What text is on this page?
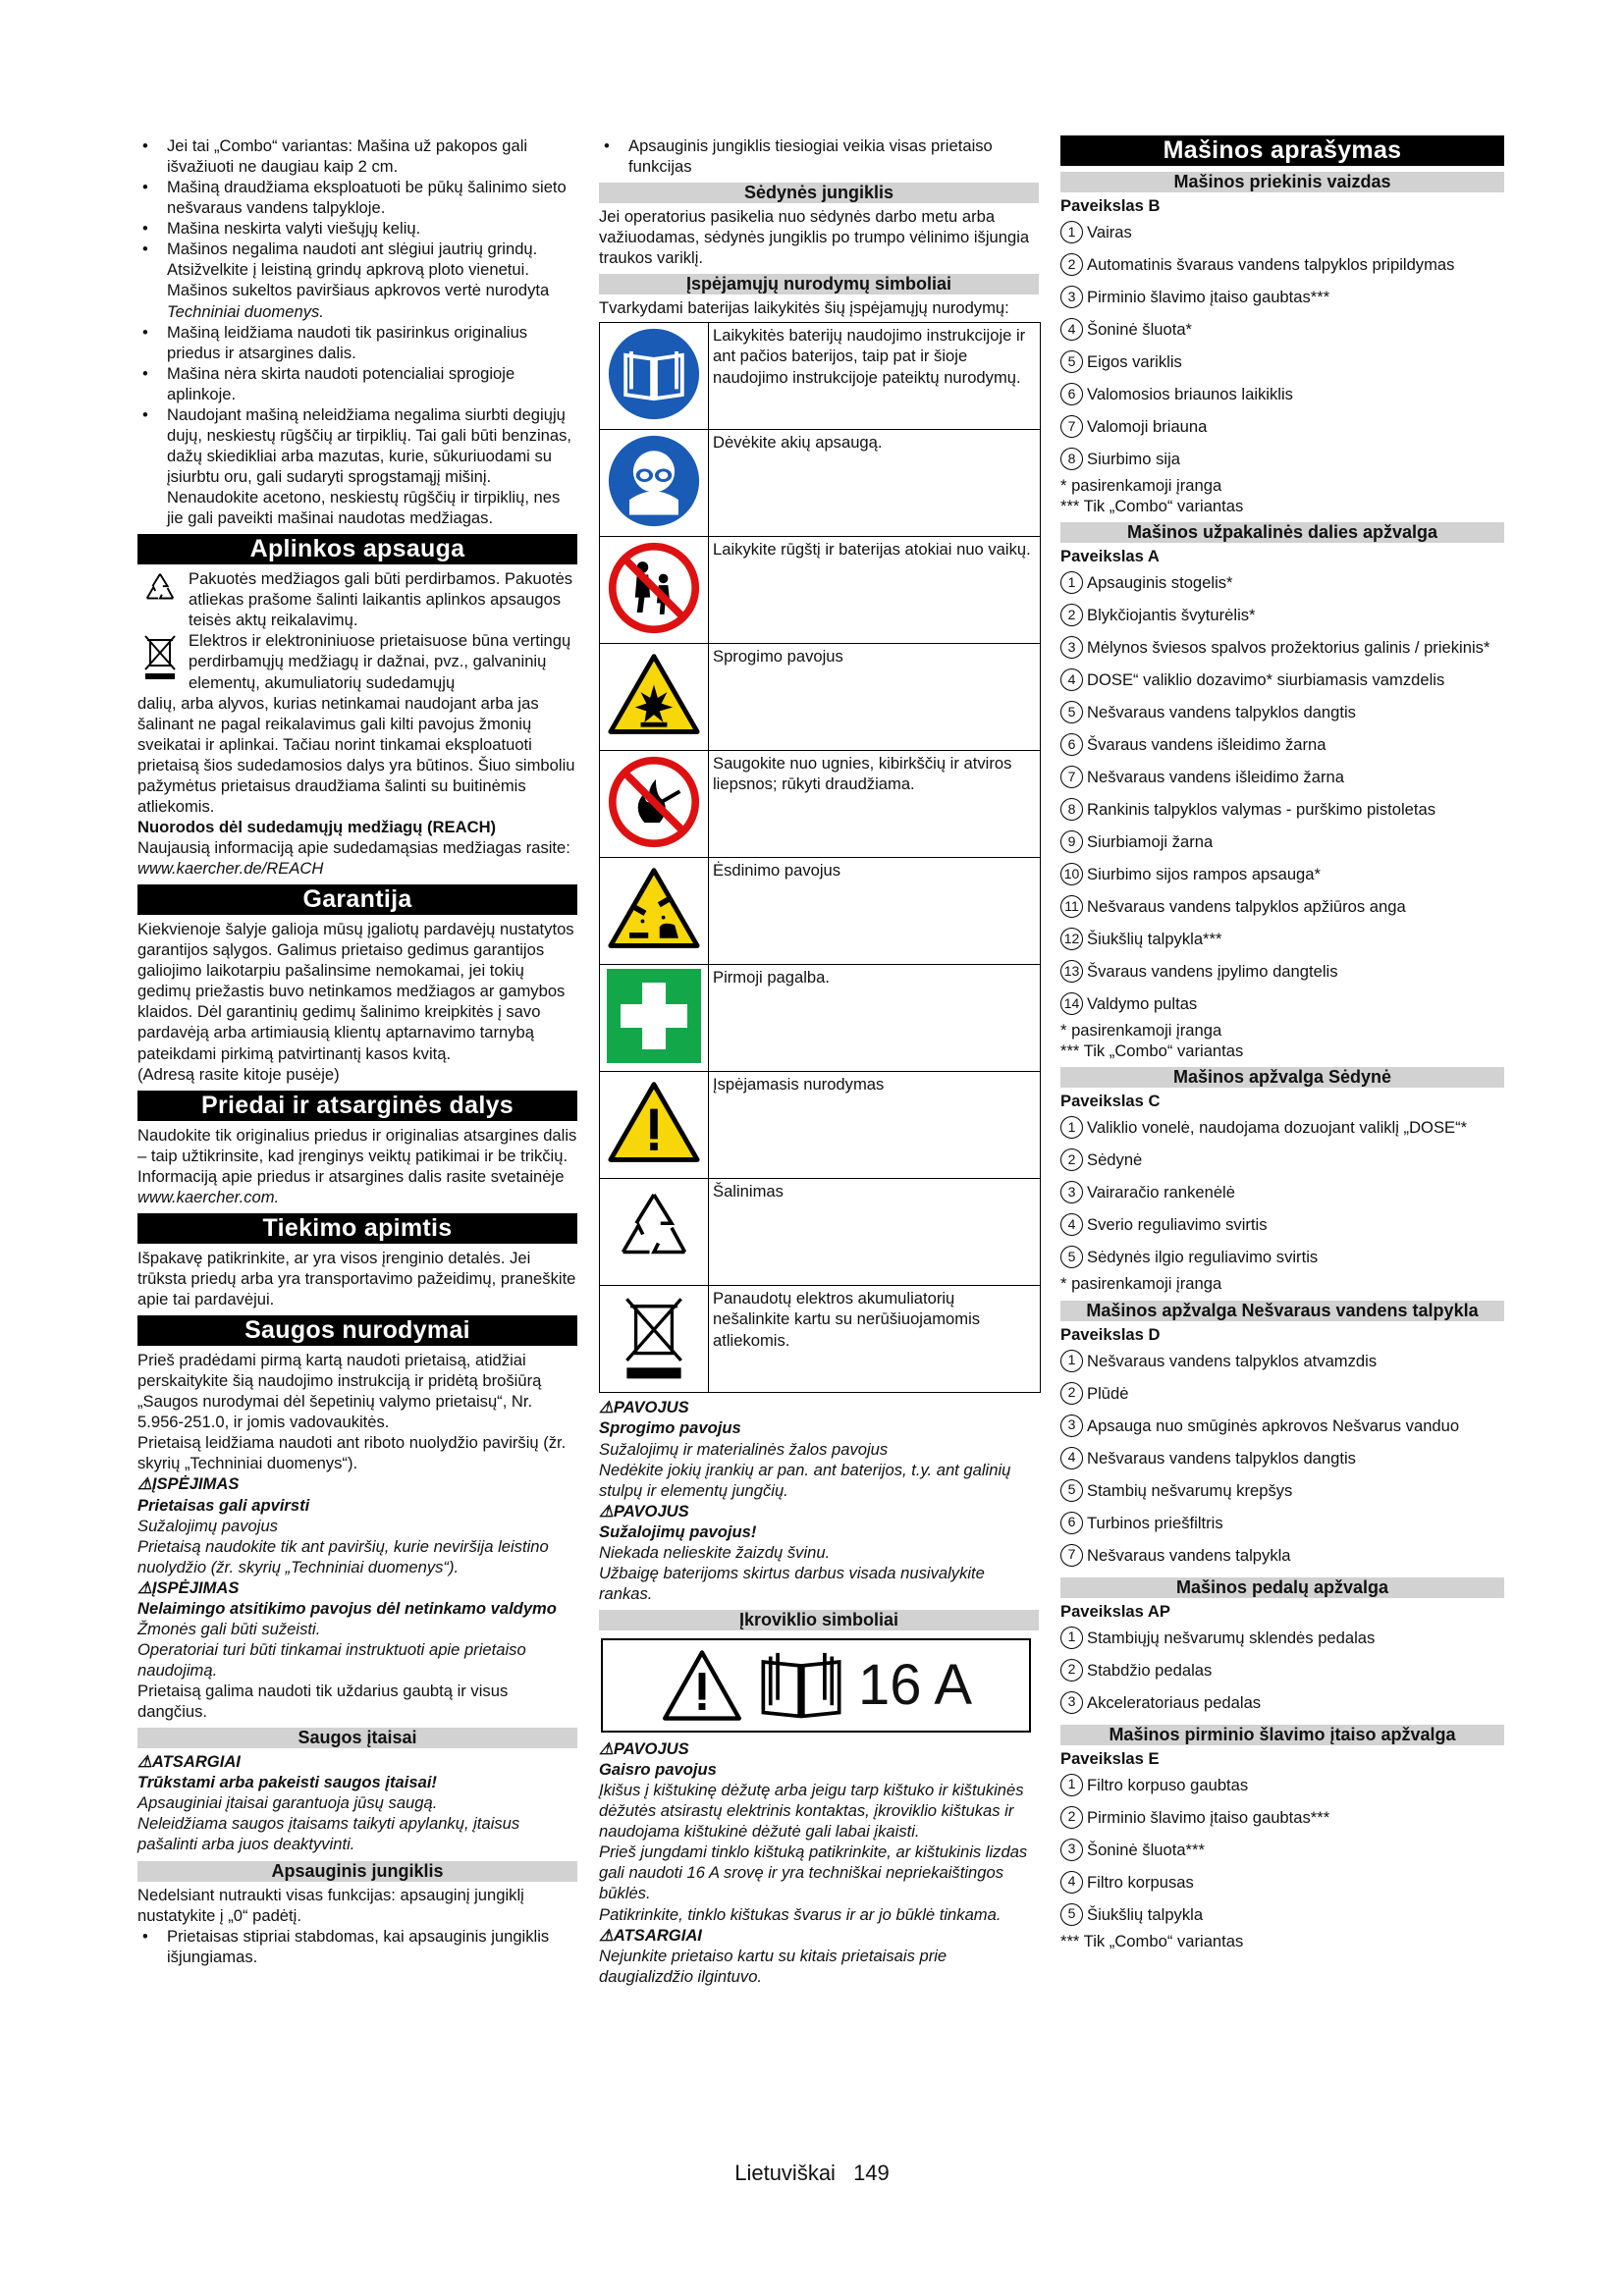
• Jei tai „Combo“ variantas: Mašina už pakopos gali išvažiuoti ne daugiau kaip 2 cm.
• Mašiną draudžiama eksploatuoti be pūkų šalinimo sieto nešvaraus vandens talpykloje.
• Mašina neskirta valyti viešųjų kelių.
• Mašinos negalima naudoti ant slėgiui jautrių grindų. Atsižvelkite į leistiną grindų apkrovą ploto vienetui. Mašinos sukeltos paviršiaus apkrovos vertė nurodyta Techniniai duomenys.
• Mašiną leidžiama naudoti tik pasirinkus originalius priedus ir atsargines dalis.
• Mašina nėra skirta naudoti potencialiai sprogioje aplinkoje.
• Naudojant mašiną neleidžiama negalima siurbti degiųjų dujų, neskiestų rūgščių ar tirpiklių. Tai gali būti benzinas, dažų skiedikliai arba mazutas, kurie, sūkuriuodami su įsiurbtu oru, gali sudaryti sprogstamąjį mišinį. Nenaudokite acetono, neskiestų rūgščių ir tirpiklių, nes jie gali paveikti mašinai naudotas medžiagas.
Aplinkos apsauga

Pakuotės medžiagos gali būti perdirbamos. Pakuotės atliekas prašome šalinti laikantis aplinkos apsaugos teisės aktų reikalavimų.

Elektros ir elektroniniuose prietaisuose būna vertingų perdirbamųjų medžiagų ir dažnai, pvz., galvaninių elementų, akumuliatorių sudedamųjų

dalių, arba alyvos, kurias netinkamai naudojant arba jas šalinant ne pagal reikalavimus gali kilti pavojus žmonių sveikatai ir aplinkai. Tačiau norint tinkamai eksploatuoti prietaisą šios sudedamosios dalys yra būtinos. Šiuo simboliu pažymėtus prietaisus draudžiama šalinti su buitinėmis atliekomis.

Nuorodos dėl sudedamųjų medžiagų (REACH)

Naujausią informaciją apie sudedamąsias medžiagas rasite: www.kaercher.de/REACH

Garantija

Kiekvienoje šalyje galioja mūsų įgaliotų pardavėjų nustatytos garantijos sąlygos. Galimus prietaiso gedimus garantijos galiojimo laikotarpiu pašalinsime nemokamai, jei tokių gedimų priežastis buvo netinkamos medžiagos ar gamybos klaidos. Dėl garantinių gedimų šalinimo kreipkitės į savo pardavėją arba artimiausią klientų aptarnavimo tarnybą pateikdami pirkimą patvirtinantį kasos kvitą.

(Adresą rasite kitoje pusėje)

Priedai ir atsarginės dalys

Naudokite tik originalius priedus ir originalias atsargines dalis – taip užtikrinsite, kad įrenginys veiktų patikimai ir be trikčių.

Informaciją apie priedus ir atsargines dalis rasite svetainėje www.kaercher.com.

Tiekimo apimtis

Išpakavę patikrinkite, ar yra visos įrenginio detalės. Jei trūksta priedų arba yra transportavimo pažeidimų, praneškite apie tai pardavėjui.

Saugos nurodymai

Prieš pradėdami pirmą kartą naudoti prietaisą, atidžiai perskaitykite šią naudojimo instrukciją ir pridėtą brošiūrą „Saugos nurodymai dėl šepetinių valymo prietaisų“, Nr. 5.956-251.0, ir jomis vadovaukitės.

Prietaisą leidžiama naudoti ant riboto nuolydžio paviršių (žr. skyrių „Techniniai duomenys“).

⚠ĮSPĖJIMAS

Prietaisas gali apvirsti

Sužalojimų pavojus

Prietaisą naudokite tik ant paviršių, kurie neviršija leistino nuolydžio (žr. skyrių „Techniniai duomenys“).

⚠ĮSPĖJIMAS

Nelaimingo atsitikimo pavojus dėl netinkamo valdymo

Žmonės gali būti sužeisti.

Operatoriai turi būti tinkamai instruktuoti apie prietaiso naudojimą.

Prietaisą galima naudoti tik uždarius gaubtą ir visus dangčius.

Saugos įtaisai

⚠ATSARGIAI

Trūkstami arba pakeisti saugos įtaisai!

Apsauginiai įtaisai garantuoja jūsų saugą.

Neleidžiama saugos įtaisams taikyti apylankų, įtaisus pašalinti arba juos deaktyvinti.

Apsauginis jungiklis

Nedelsiant nutraukti visas funkcijas: apsauginį jungiklį nustatykite į „0“ padėtį.

• Prietaisas stipriai stabdomas, kai apsauginis jungiklis išjungiamas.
• Apsauginis jungiklis tiesiogiai veikia visas prietaiso funkcijas
Sėdynės jungiklis

Jei operatorius pasikelia nuo sėdynės darbo metu arba važiuodamas, sėdynės jungiklis po trumpo vėlinimo išjungia traukos variklį.

Įspėjamųjų nurodymų simboliai

Tvarkydami baterijas laikykitės šių įspėjamųjų nurodymų:

	Laikykitės baterijų naudojimo instrukcijoje ir ant pačios baterijos, taip pat ir šioje naudojimo instrukcijoje pateiktų nurodymų.
	Dėvėkite akių apsaugą.
	Laikykite rūgštį ir baterijas atokiai nuo vaikų.
	Sprogimo pavojus
	Saugokite nuo ugnies, kibirkščių ir atviros liepsnos; rūkyti draudžiama.
	Ėsdinimo pavojus
	Pirmoji pagalba.
	Įspėjamasis nurodymas
	Šalinimas
	Panaudotų elektros akumuliatorių nešalinkite kartu su nerūšiuojamomis atliekomis.

⚠PAVOJUS

Sprogimo pavojus

Sužalojimų ir materialinės žalos pavojus

Nedėkite jokių įrankių ar pan. ant baterijos, t.y. ant galinių stulpų ir elementų jungčių.

⚠PAVOJUS

Sužalojimų pavojus!

Niekada nelieskite žaizdų švinu.

Užbaigę baterijoms skirtus darbus visada nusivalykite rankas.

Įkroviklio simboliai
16 A

⚠PAVOJUS

Gaisro pavojus

Įkišus į kištukinę dėžutę arba jeigu tarp kištuko ir kištukinės dėžutės atsirastų elektrinis kontaktas, įkroviklio kištukas ir naudojama kištukinė dėžutė gali labai įkaisti.

Prieš jungdami tinklo kištuką patikrinkite, ar kištukinis lizdas gali naudoti 16 A srovę ir yra techniškai nepriekaištingos būklės.

Patikrinkite, tinklo kištukas švarus ir ar jo būklė tinkama.

⚠ATSARGIAI

Nejunkite prietaiso kartu su kitais prietaisais prie daugializdžio ilgintuvo.

Mašinos aprašymas
Mašinos priekinis vaizdas

Paveikslas B

1 Vairas
2 Automatinis švaraus vandens talpyklos pripildymas
3 Pirminio šlavimo įtaiso gaubtas***
4 Šoninė šluota*
5 Eigos variklis
6 Valomosios briaunos laikiklis
7 Valomoji briauna
8 Siurbimo sija

* pasirenkamoji įranga

*** Tik „Combo“ variantas

Mašinos užpakalinės dalies apžvalga

Paveikslas A

1 Apsauginis stogelis*
2 Blykčiojantis švyturėlis*
3 Mėlynos šviesos spalvos prožektorius galinis / priekinis*
4 DOSE“ valiklio dozavimo* siurbiamasis vamzdelis
5 Nešvaraus vandens talpyklos dangtis
6 Švaraus vandens išleidimo žarna
7 Nešvaraus vandens išleidimo žarna
8 Rankinis talpyklos valymas - purškimo pistoletas
9 Siurbiamoji žarna
10 Siurbimo sijos rampos apsauga*
11 Nešvaraus vandens talpyklos apžiūros anga
12 Šiukšlių talpykla***
13 Švaraus vandens įpylimo dangtelis
14 Valdymo pultas

* pasirenkamoji įranga

*** Tik „Combo“ variantas

Mašinos apžvalga Sėdynė

Paveikslas C

1 Valiklio vonelė, naudojama dozuojant valiklį „DOSE“*
2 Sėdynė
3 Vairaračio rankenėlė
4 Sverio reguliavimo svirtis
5 Sėdynės ilgio reguliavimo svirtis

* pasirenkamoji įranga

Mašinos apžvalga Nešvaraus vandens talpykla

Paveikslas D

1 Nešvaraus vandens talpyklos atvamzdis
2 Plūdė
3 Apsauga nuo smūginės apkrovos Nešvarus vanduo
4 Nešvaraus vandens talpyklos dangtis
5 Stambių nešvarumų krepšys
6 Turbinos priešfiltris
7 Nešvaraus vandens talpykla
Mašinos pedalų apžvalga

Paveikslas AP

1 Stambiųjų nešvarumų sklendės pedalas
2 Stabdžio pedalas
3 Akceleratoriaus pedalas
Mašinos pirminio šlavimo įtaiso apžvalga

Paveikslas E

1 Filtro korpuso gaubtas
2 Pirminio šlavimo įtaiso gaubtas***
3 Šoninė šluota***
4 Filtro korpusas
5 Šiukšlių talpykla

*** Tik „Combo“ variantas

Lietuviškai 149
